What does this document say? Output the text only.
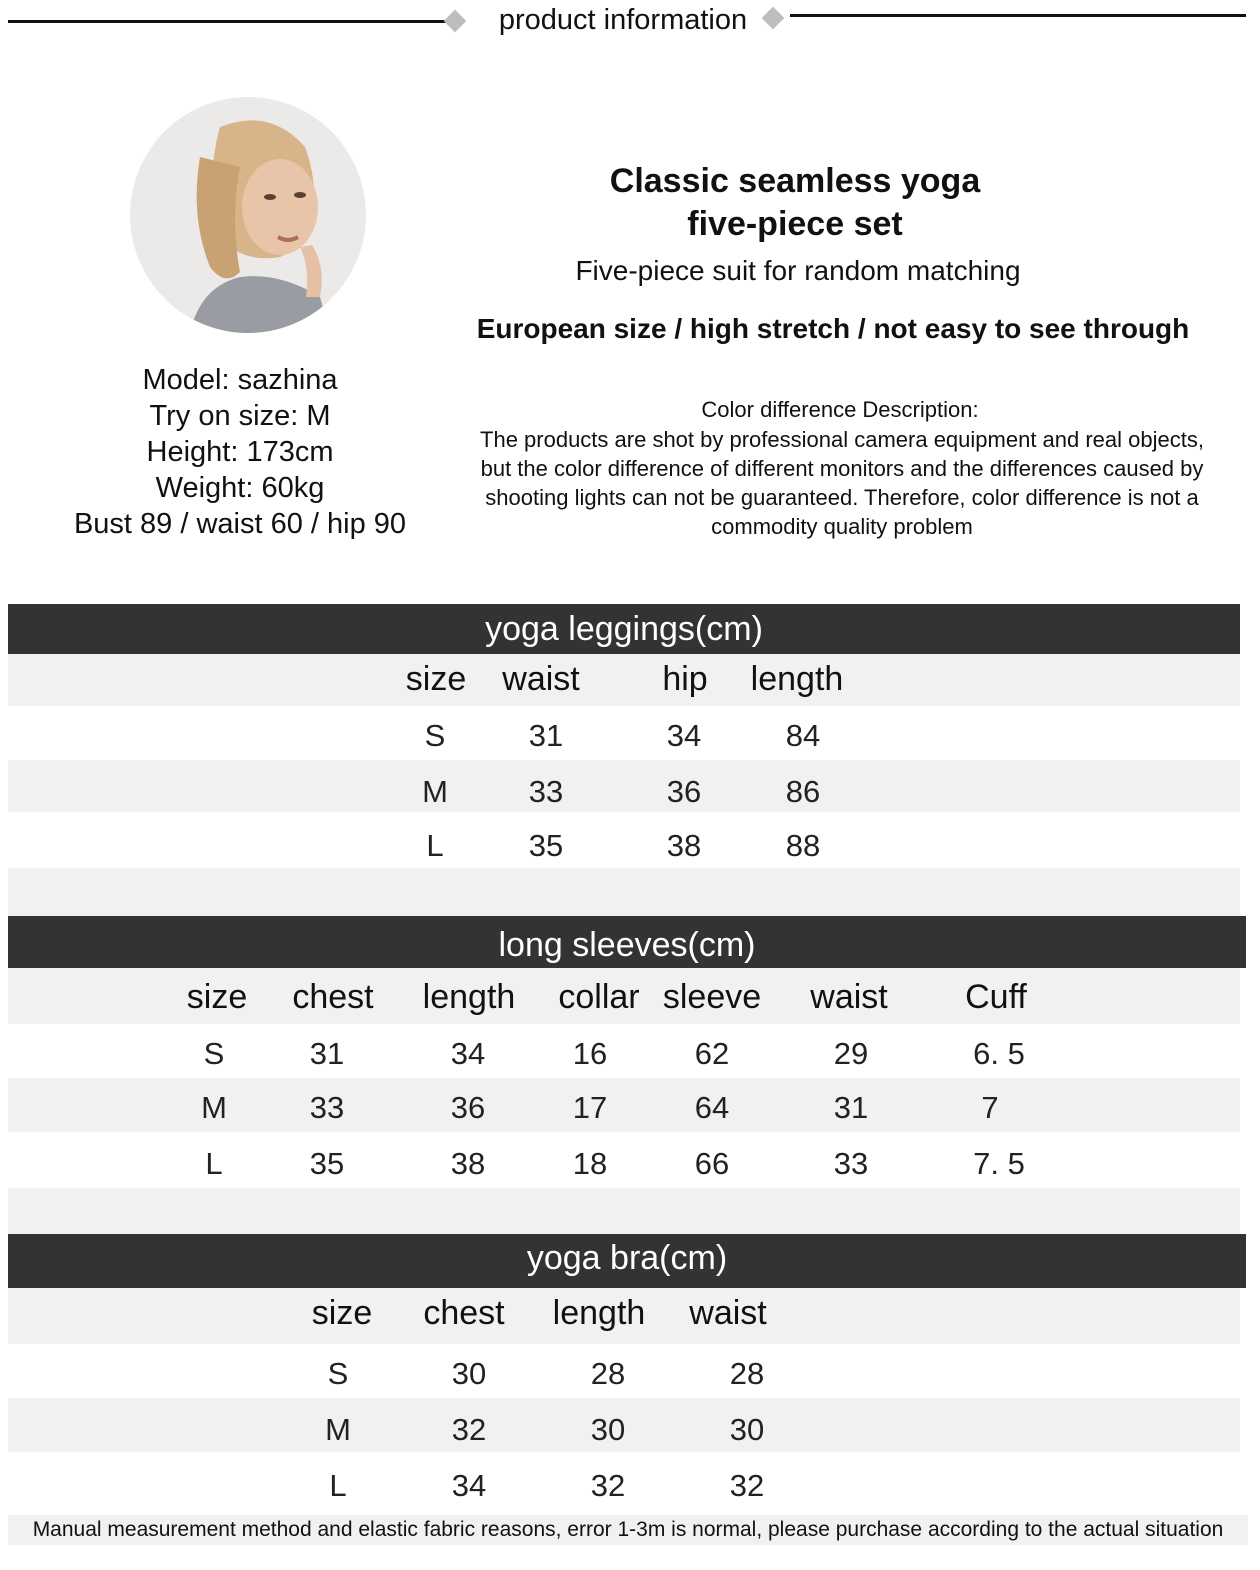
product information
Model: sazhina
Try on size: M
Height: 173cm
Weight: 60kg
Bust 89 / waist 60 / hip 90
Classic seamless yoga
five-piece set
Five-piece suit for random matching
European size / high stretch / not easy to see through
Color difference Description:
The products are shot by professional camera equipment and real objects,
but the color difference of different monitors and the differences caused by
shooting lights can not be guaranteed. Therefore, color difference is not a
commodity quality problem
yoga leggings(cm)
size waist hip length
S	31	34	84
M	33	36	86
L	35	38	88
long sleeves(cm)
size chest length collar sleeve waist Cuff
S	31	34	16	62	29	6. 5
M	33	36	17	64	31	7
L	35	38	18	66	33	7. 5
yoga bra(cm)
size chest length waist
S	30	28	28
M	32	30	30
L	34	32	32
Manual measurement method and elastic fabric reasons, error 1-3m is normal, please purchase according to the actual situation
